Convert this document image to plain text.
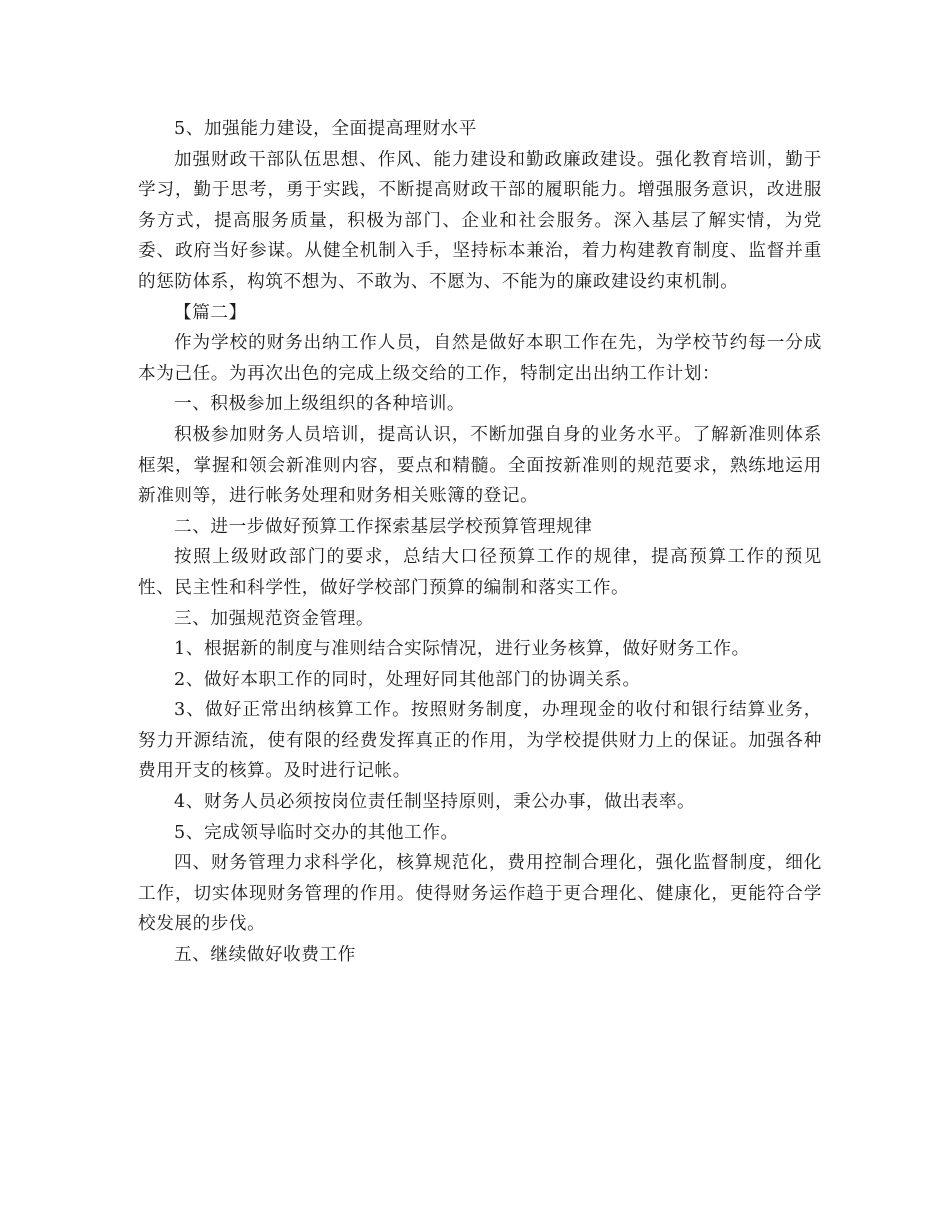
5、加强能力建设，全面提高理财水平

加强财政干部队伍思想、作风、能力建设和勤政廉政建设。强化教育培训，勤于学习，勤于思考，勇于实践，不断提高财政干部的履职能力。增强服务意识，改进服务方式，提高服务质量，积极为部门、企业和社会服务。深入基层了解实情，为党委、政府当好参谋。从健全机制入手，坚持标本兼治，着力构建教育制度、监督并重的惩防体系，构筑不想为、不敢为、不愿为、不能为的廉政建设约束机制。

【篇二】

作为学校的财务出纳工作人员，自然是做好本职工作在先，为学校节约每一分成本为己任。为再次出色的完成上级交给的工作，特制定出出纳工作计划：

一、积极参加上级组织的各种培训。

积极参加财务人员培训，提高认识，不断加强自身的业务水平。了解新准则体系框架，掌握和领会新准则内容，要点和精髓。全面按新准则的规范要求，熟练地运用新准则等，进行帐务处理和财务相关账簿的登记。

二、进一步做好预算工作探索基层学校预算管理规律

按照上级财政部门的要求，总结大口径预算工作的规律，提高预算工作的预见性、民主性和科学性，做好学校部门预算的编制和落实工作。

三、加强规范资金管理。

1、根据新的制度与准则结合实际情况，进行业务核算，做好财务工作。

2、做好本职工作的同时，处理好同其他部门的协调关系。

3、做好正常出纳核算工作。按照财务制度，办理现金的收付和银行结算业务，努力开源结流，使有限的经费发挥真正的作用，为学校提供财力上的保证。加强各种费用开支的核算。及时进行记帐。

4、财务人员必须按岗位责任制坚持原则，秉公办事，做出表率。

5、完成领导临时交办的其他工作。

四、财务管理力求科学化，核算规范化，费用控制合理化，强化监督制度，细化工作，切实体现财务管理的作用。使得财务运作趋于更合理化、健康化，更能符合学校发展的步伐。

五、继续做好收费工作
